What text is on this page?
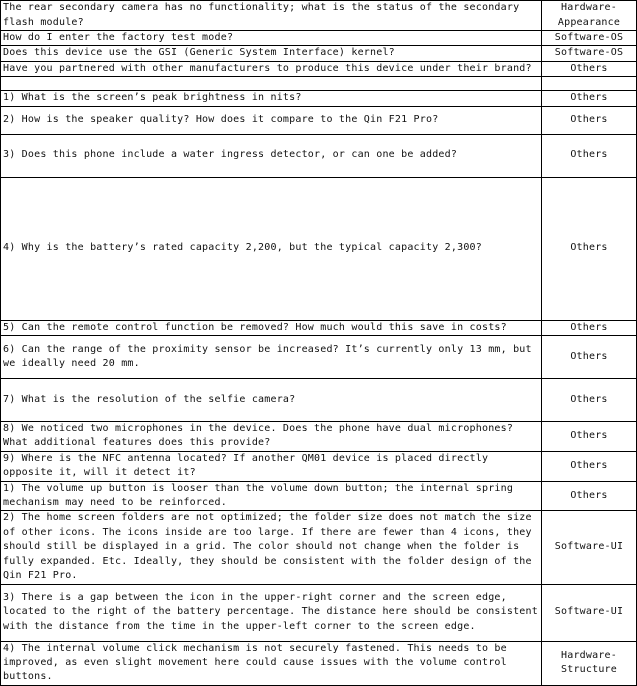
The rear secondary camera has no functionality; what is the status of the secondary flash module?	Hardware-Appearance
How do I enter the factory test mode?	Software-OS
Does this device use the GSI (Generic System Interface) kernel?	Software-OS
Have you partnered with other manufacturers to produce this device under their brand?	Others

1) What is the screen’s peak brightness in nits?	Others
2) How is the speaker quality? How does it compare to the Qin F21 Pro?	Others
3) Does this phone include a water ingress detector, or can one be added?	Others
4) Why is the battery’s rated capacity 2,200, but the typical capacity 2,300?	Others
5) Can the remote control function be removed? How much would this save in costs?	Others
6) Can the range of the proximity sensor be increased? It’s currently only 13 mm, but we ideally need 20 mm.	Others
7) What is the resolution of the selfie camera?	Others
8) We noticed two microphones in the device. Does the phone have dual microphones? What additional features does this provide?	Others
9) Where is the NFC antenna located? If another QM01 device is placed directly opposite it, will it detect it?	Others
1) The volume up button is looser than the volume down button; the internal spring mechanism may need to be reinforced.	Others
2) The home screen folders are not optimized; the folder size does not match the size of other icons. The icons inside are too large. If there are fewer than 4 icons, they should still be displayed in a grid. The color should not change when the folder is fully expanded. Etc. Ideally, they should be consistent with the folder design of the Qin F21 Pro.	Software-UI
3) There is a gap between the icon in the upper-right corner and the screen edge, located to the right of the battery percentage. The distance here should be consistent with the distance from the time in the upper-left corner to the screen edge.	Software-UI
4) The internal volume click mechanism is not securely fastened. This needs to be improved, as even slight movement here could cause issues with the volume control buttons.	Hardware-Structure
